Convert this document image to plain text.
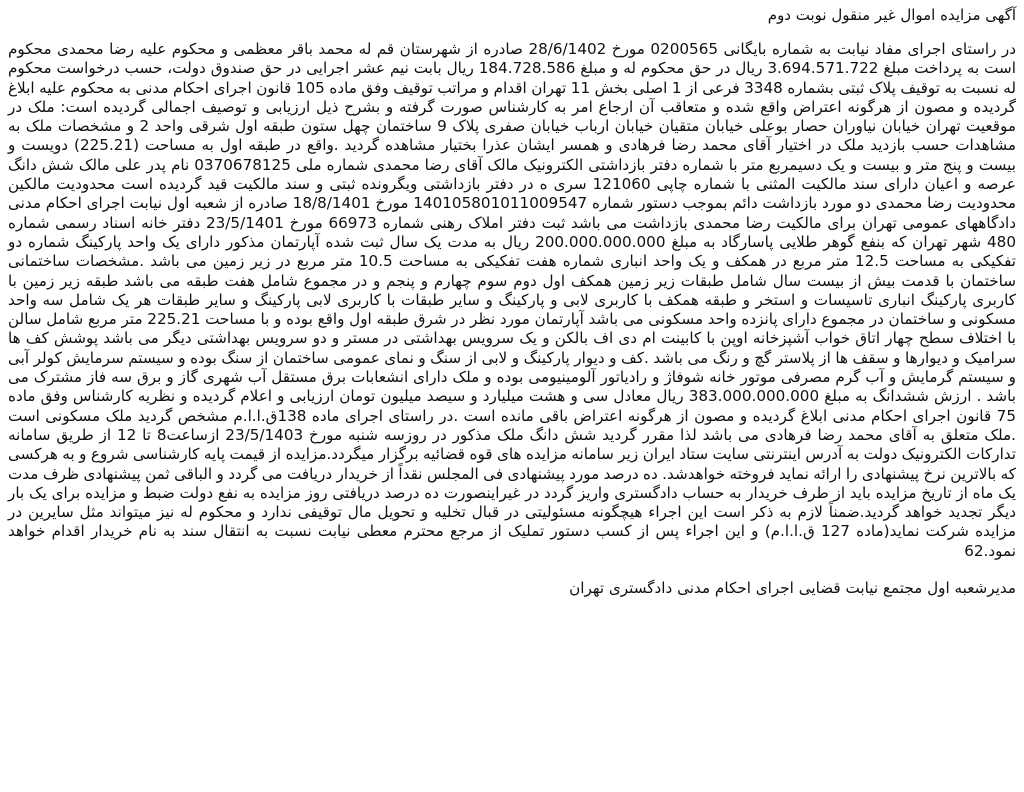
آگهی مزایده اموال غیر منقول نوبت دوم

در راستای اجرای مفاد نیابت به شماره بایگانی 0200565 مورخ 28/6/1402 صادره از شهرستان قم له محمد باقر معظمی و محکوم علیه رضا محمدی محکوم است به پرداخت مبلغ 3.694.571.722 ریال در حق محکوم له و مبلغ 184.728.586 ریال بابت نیم عشر اجرایی در حق صندوق دولت، حسب درخواست محکوم له نسبت به توقیف پلاک ثبتی بشماره 3348 فرعی از 1 اصلی بخش 11 تهران اقدام و مراتب توقیف وفق ماده 105 قانون اجرای احکام مدنی به محکوم علیه ابلاغ گردیده و مصون از هرگونه اعتراض واقع شده و متعاقب آن ارجاع امر به کارشناس صورت گرفته و بشرح ذیل ارزیابی و توصیف اجمالی گردیده است: ملک در موقعیت تهران خیابان نیاوران حصار بوعلی خیابان متقیان خیابان ارباب خیابان صفری پلاک 9 ساختمان چهل ستون طبقه اول شرقی واحد 2 و مشخصات ملک به مشاهدات حسب بازدید ملک در اختیار آقای محمد رضا فرهادی و همسر ایشان عذرا بختیار مشاهده گردید .واقع در طبقه اول به مساحت (225.21) دویست و بیست و پنج متر و بیست و یک دسیمربع متر با شماره دفتر بازداشتی الکترونیک مالک آقای رضا محمدی شماره ملی 0370678125 نام پدر علی مالک شش دانگ عرصه و اعیان دارای سند مالکیت المثنی با شماره چاپی 121060 سری ه در دفتر بازداشتی ویگرونده ثبتی و سند مالکیت قید گردیده است محدودیت مالکین محدودیت رضا محمدی دو مورد بازداشت دائم بموجب دستور شماره 140105801011009547 مورخ 18/8/1401 صادره از شعبه اول نیابت اجرای احکام مدنی دادگاههای عمومی تهران برای مالکیت رضا محمدی بازداشت می باشد ثبت دفتر املاک رهنی شماره 66973 مورخ 23/5/1401 دفتر خانه اسناد رسمی شماره 480 شهر تهران که بنفع گوهر طلایی پاسارگاد به مبلغ 200.000.000.000 ریال به مدت یک سال ثبت شده آپارتمان مذکور دارای یک واحد پارکینگ شماره دو تفکیکی به مساحت 12.5 متر مربع در همکف و یک واحد انباری شماره هفت تفکیکی به مساحت 10.5 متر مربع در زیر زمین می باشد .مشخصات ساختمانی ساختمان با قدمت بیش از بیست سال شامل طبقات زیر زمین همکف اول دوم سوم چهارم و پنجم و در مجموع شامل هفت طبقه می باشد طبقه زیر زمین با کاربری پارکینگ انباری تاسیسات و استخر و طبقه همکف با کاربری لابی و پارکینگ و سایر طبقات با کاربری لابی پارکینگ و سایر طبقات هر یک شامل سه واحد مسکونی و ساختمان در مجموع دارای پانزده واحد مسکونی می باشد آپارتمان مورد نظر در شرق طبقه اول واقع بوده و با مساحت 225.21 متر مربع شامل سالن با اختلاف سطح چهار اتاق خواب آشپزخانه اوپن با کابینت ام دی اف بالکن و یک سرویس بهداشتی در مستر و دو سرویس بهداشتی دیگر می باشد پوشش کف ها سرامیک و دیوارها و سقف ها از پلاستر گچ و رنگ می باشد .کف و دیوار پارکینگ و لابی از سنگ و نمای عمومی ساختمان از سنگ بوده و سیستم سرمایش کولر آبی و سیستم گرمایش و آب گرم مصرفی موتور خانه شوفاژ و رادیاتور آلومینیومی بوده و ملک دارای انشعابات برق مستقل آب شهری گاز و برق سه فاز مشترک می باشد . ارزش ششدانگ به مبلغ 383.000.000.000 ریال معادل سی و هشت میلیارد و سیصد میلیون تومان ارزیابی و اعلام گردیده و نظریه کارشناس وفق ماده 75 قانون اجرای احکام مدنی ابلاغ گردیده و مصون از هرگونه اعتراض باقی مانده است .در راستای اجرای ماده 138ق.ا.ا.م مشخص گردید ملک مسکونی است .ملک متعلق به آقای محمد رضا فرهادی می باشد لذا مقرر گردید شش دانگ ملک مذکور در روزسه شنبه مورخ 23/5/1403 ازساعت8 تا 12 از طریق سامانه تدارکات الکترونیک دولت به آدرس اینترنتی سایت ستاد ایران زیر سامانه مزایده های قوه قضائیه برگزار میگردد.مزایده از قیمت پایه کارشناسی شروع و به هرکسی که بالاترین نرخ پیشنهادی را ارائه نماید فروخته خواهدشد. ده درصد مورد پیشنهادی فی المجلس نقداً از خریدار دریافت می گردد و الباقی ثمن پیشنهادی ظرف مدت یک ماه از تاریخ مزایده باید از طرف خریدار به حساب دادگستری واریز گردد در غیراینصورت ده درصد دریافتی روز مزایده به نفع دولت ضبط و مزایده برای یک بار دیگر تجدید خواهد گردید.ضمناً لازم به ذکر است این اجراء هیچگونه مسئولیتی در قبال تخلیه و تحویل مال توقیفی ندارد و محکوم له نیز میتواند مثل سایرین در مزایده شرکت نماید(ماده 127 ق.ا.ا.م) و این اجراء پس از کسب دستور تملیک از مرجع محترم معطی نیابت نسبت به انتقال سند به نام خریدار اقدام خواهد نمود.62

مدیرشعبه اول مجتمع نیابت قضایی اجرای احکام مدنی دادگستری تهران
